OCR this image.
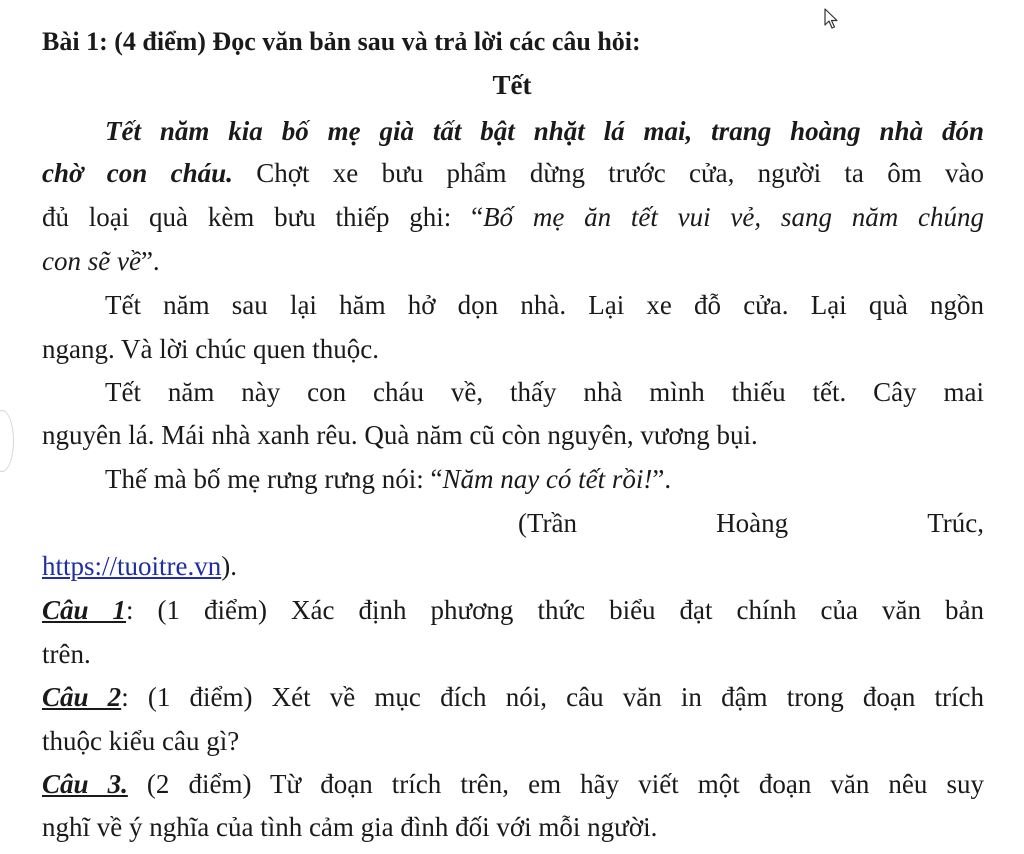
Bài 1: (4 điểm) Đọc văn bản sau và trả lời các câu hỏi:
Tết
Tết năm kia bố mẹ già tất bật nhặt lá mai, trang hoàng nhà đón
chờ con cháu. Chợt xe bưu phẩm dừng trước cửa, người ta ôm vào
đủ loại quà kèm bưu thiếp ghi: “Bố mẹ ăn tết vui vẻ, sang năm chúng
con sẽ về”.
Tết năm sau lại hăm hở dọn nhà. Lại xe đỗ cửa. Lại quà ngồn
ngang. Và lời chúc quen thuộc.
Tết năm này con cháu về, thấy nhà mình thiếu tết. Cây mai
nguyên lá. Mái nhà xanh rêu. Quà năm cũ còn nguyên, vương bụi.
Thế mà bố mẹ rưng rưng nói: “Năm nay có tết rồi!”.
(Trần	Hoàng	Trúc,
https://tuoitre.vn).
Câu 1: (1 điểm) Xác định phương thức biểu đạt chính của văn bản
trên.
Câu 2: (1 điểm) Xét về mục đích nói, câu văn in đậm trong đoạn trích
thuộc kiểu câu gì?
Câu 3. (2 điểm) Từ đoạn trích trên, em hãy viết một đoạn văn nêu suy
nghĩ về ý nghĩa của tình cảm gia đình đối với mỗi người.
